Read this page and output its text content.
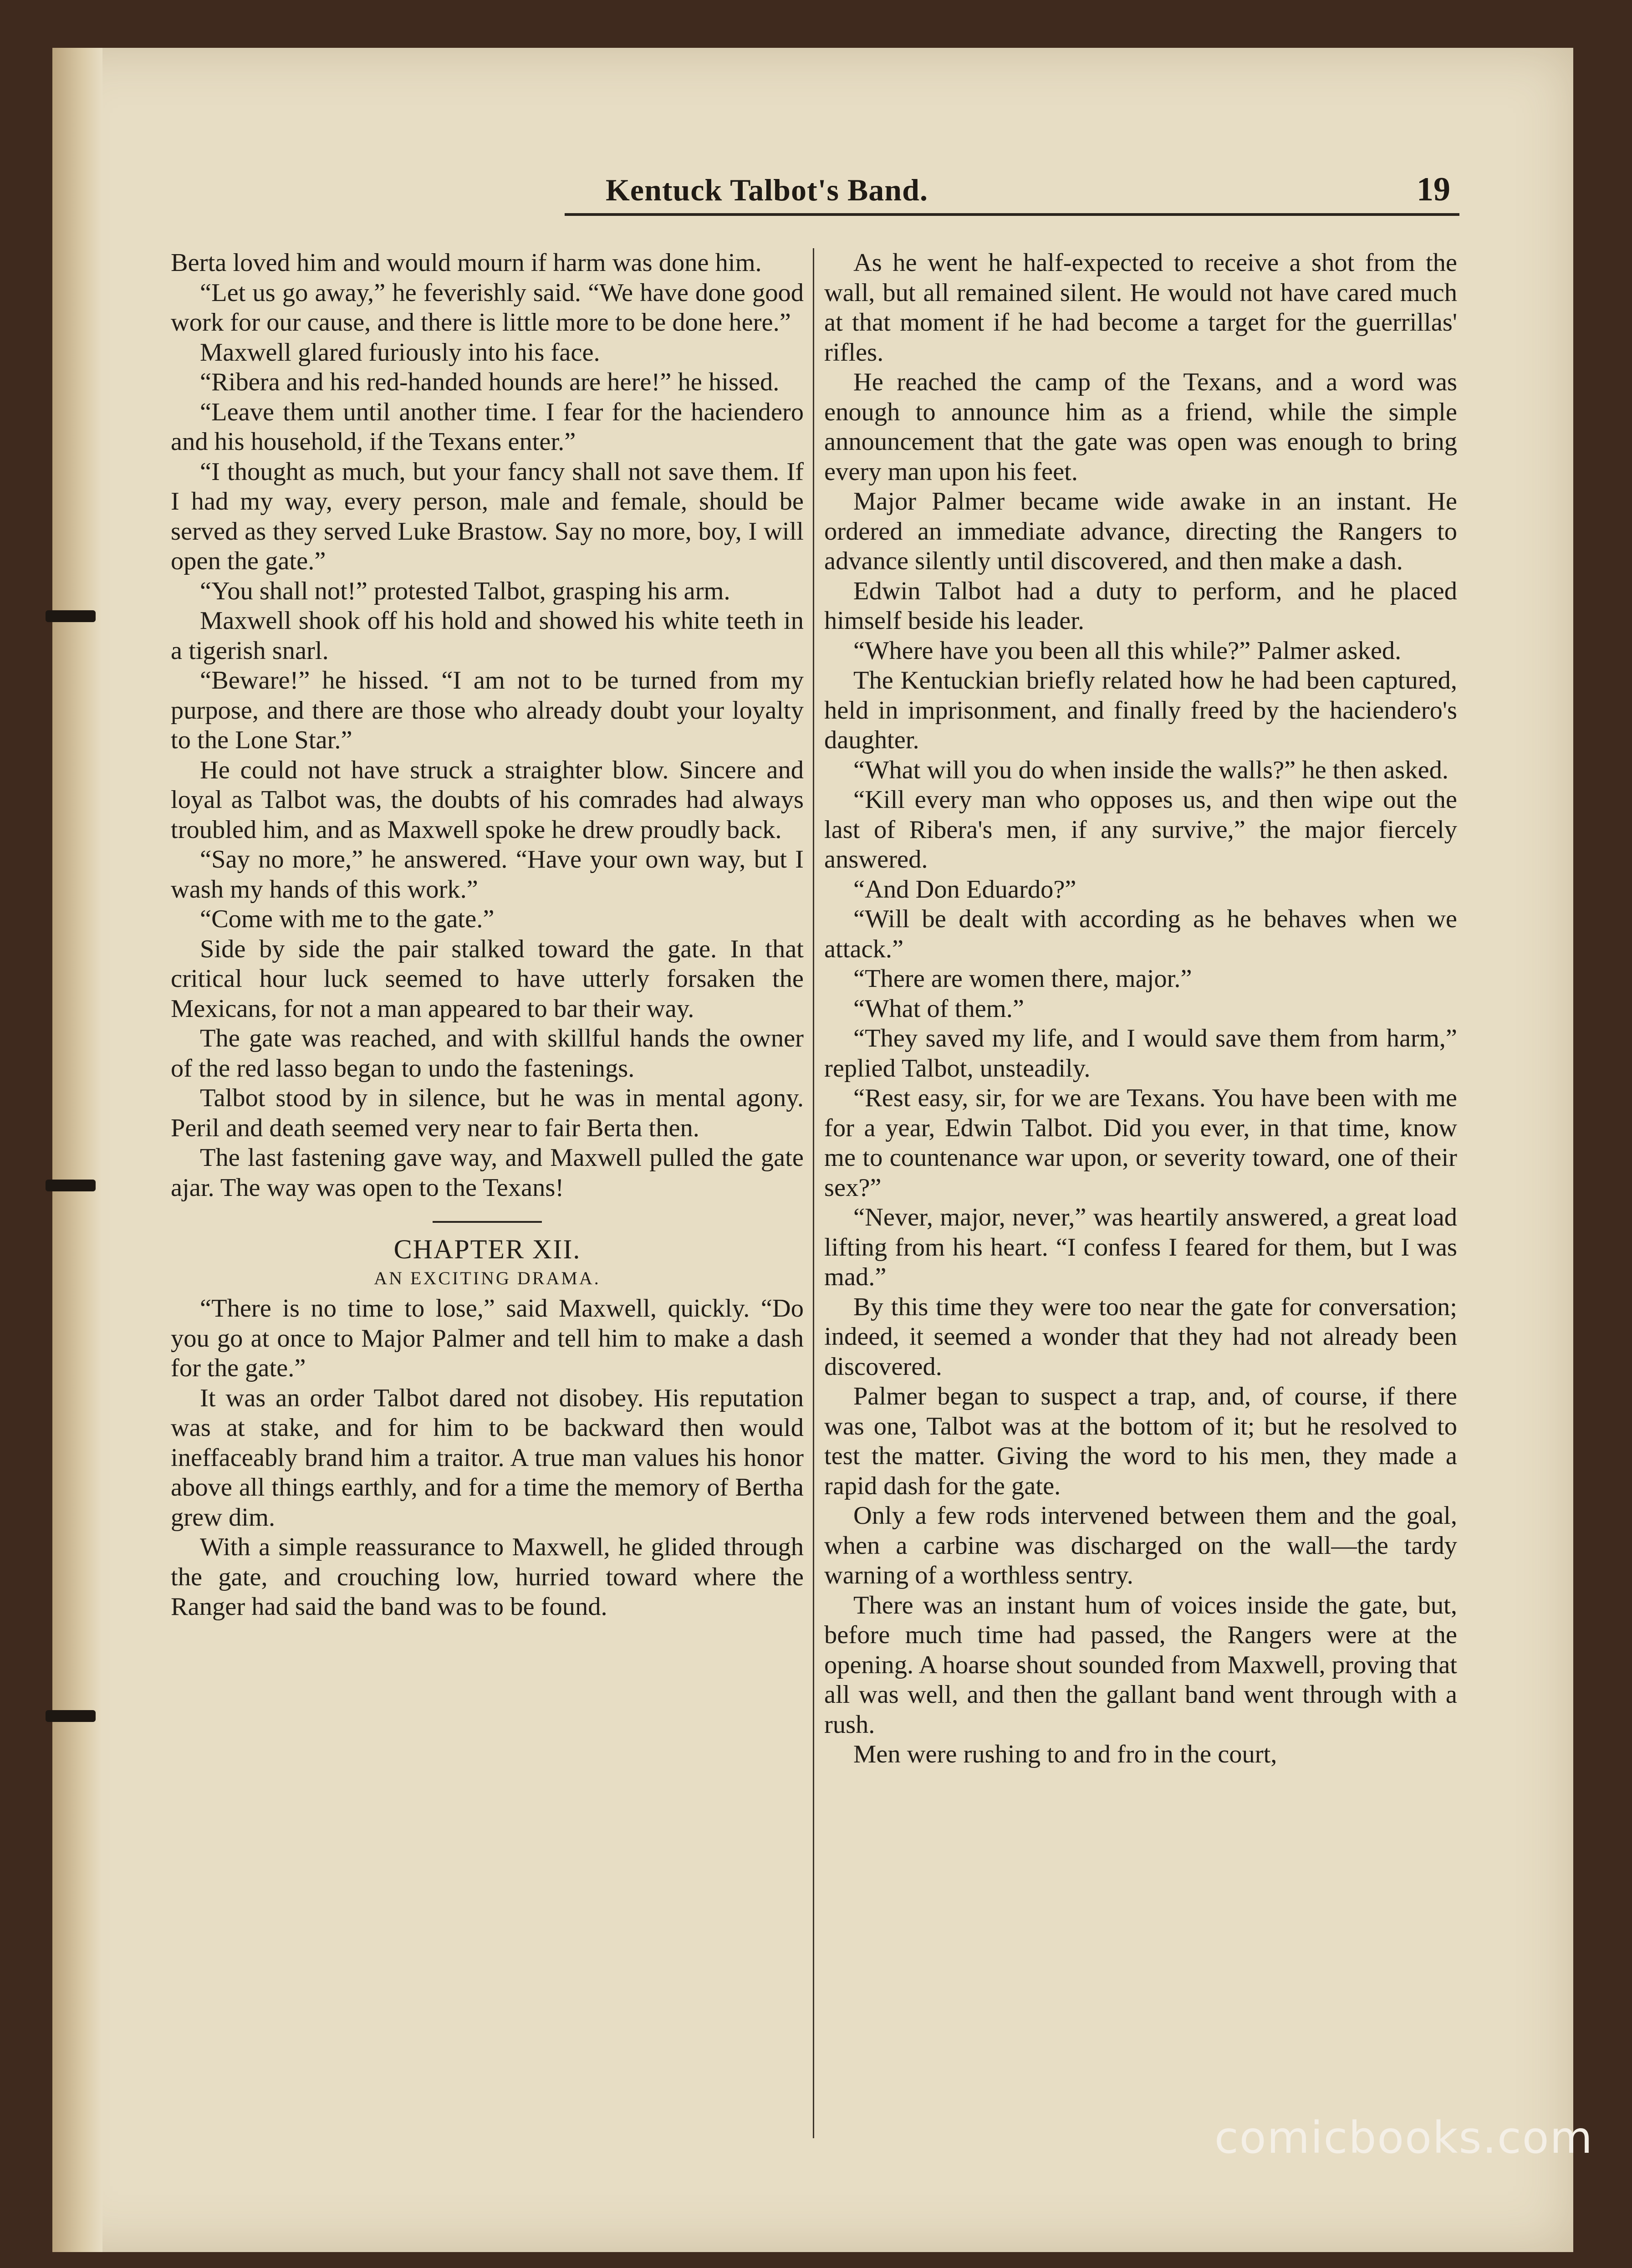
Kentuck Talbot's Band.	19

Berta loved him and would mourn if harm was done him.

“Let us go away,” he feverishly said. “We have done good work for our cause, and there is little more to be done here.”

Maxwell glared furiously into his face.

“Ribera and his red-handed hounds are here!” he hissed.

“Leave them until another time. I fear for the haciendero and his household, if the Texans enter.”

“I thought as much, but your fancy shall not save them. If I had my way, every person, male and female, should be served as they served Luke Brastow. Say no more, boy, I will open the gate.”

“You shall not!” protested Talbot, grasping his arm.

Maxwell shook off his hold and showed his white teeth in a tigerish snarl.

“Beware!” he hissed. “I am not to be turned from my purpose, and there are those who already doubt your loyalty to the Lone Star.”

He could not have struck a straighter blow. Sincere and loyal as Talbot was, the doubts of his comrades had always troubled him, and as Maxwell spoke he drew proudly back.

“Say no more,” he answered. “Have your own way, but I wash my hands of this work.”

“Come with me to the gate.”

Side by side the pair stalked toward the gate. In that critical hour luck seemed to have utterly forsaken the Mexicans, for not a man appeared to bar their way.

The gate was reached, and with skillful hands the owner of the red lasso began to undo the fastenings.

Talbot stood by in silence, but he was in mental agony. Peril and death seemed very near to fair Berta then.

The last fastening gave way, and Maxwell pulled the gate ajar. The way was open to the Texans!

CHAPTER XII.

AN EXCITING DRAMA.

“There is no time to lose,” said Maxwell, quickly. “Do you go at once to Major Palmer and tell him to make a dash for the gate.”

It was an order Talbot dared not disobey. His reputation was at stake, and for him to be backward then would ineffaceably brand him a traitor. A true man values his honor above all things earthly, and for a time the memory of Bertha grew dim.

With a simple reassurance to Maxwell, he glided through the gate, and crouching low, hurried toward where the Ranger had said the band was to be found.

As he went he half-expected to receive a shot from the wall, but all remained silent. He would not have cared much at that moment if he had become a target for the guerrillas' rifles.

He reached the camp of the Texans, and a word was enough to announce him as a friend, while the simple announcement that the gate was open was enough to bring every man upon his feet.

Major Palmer became wide awake in an instant. He ordered an immediate advance, directing the Rangers to advance silently until discovered, and then make a dash.

Edwin Talbot had a duty to perform, and he placed himself beside his leader.

“Where have you been all this while?” Palmer asked.

The Kentuckian briefly related how he had been captured, held in imprisonment, and finally freed by the haciendero's daughter.

“What will you do when inside the walls?” he then asked.

“Kill every man who opposes us, and then wipe out the last of Ribera's men, if any survive,” the major fiercely answered.

“And Don Eduardo?”

“Will be dealt with according as he behaves when we attack.”

“There are women there, major.”

“What of them.”

“They saved my life, and I would save them from harm,” replied Talbot, unsteadily.

“Rest easy, sir, for we are Texans. You have been with me for a year, Edwin Talbot. Did you ever, in that time, know me to countenance war upon, or severity toward, one of their sex?”

“Never, major, never,” was heartily answered, a great load lifting from his heart. “I confess I feared for them, but I was mad.”

By this time they were too near the gate for conversation; indeed, it seemed a wonder that they had not already been discovered.

Palmer began to suspect a trap, and, of course, if there was one, Talbot was at the bottom of it; but he resolved to test the matter. Giving the word to his men, they made a rapid dash for the gate.

Only a few rods intervened between them and the goal, when a carbine was discharged on the wall—the tardy warning of a worthless sentry.

There was an instant hum of voices inside the gate, but, before much time had passed, the Rangers were at the opening. A hoarse shout sounded from Maxwell, proving that all was well, and then the gallant band went through with a rush.

Men were rushing to and fro in the court,

comicbooks.com
